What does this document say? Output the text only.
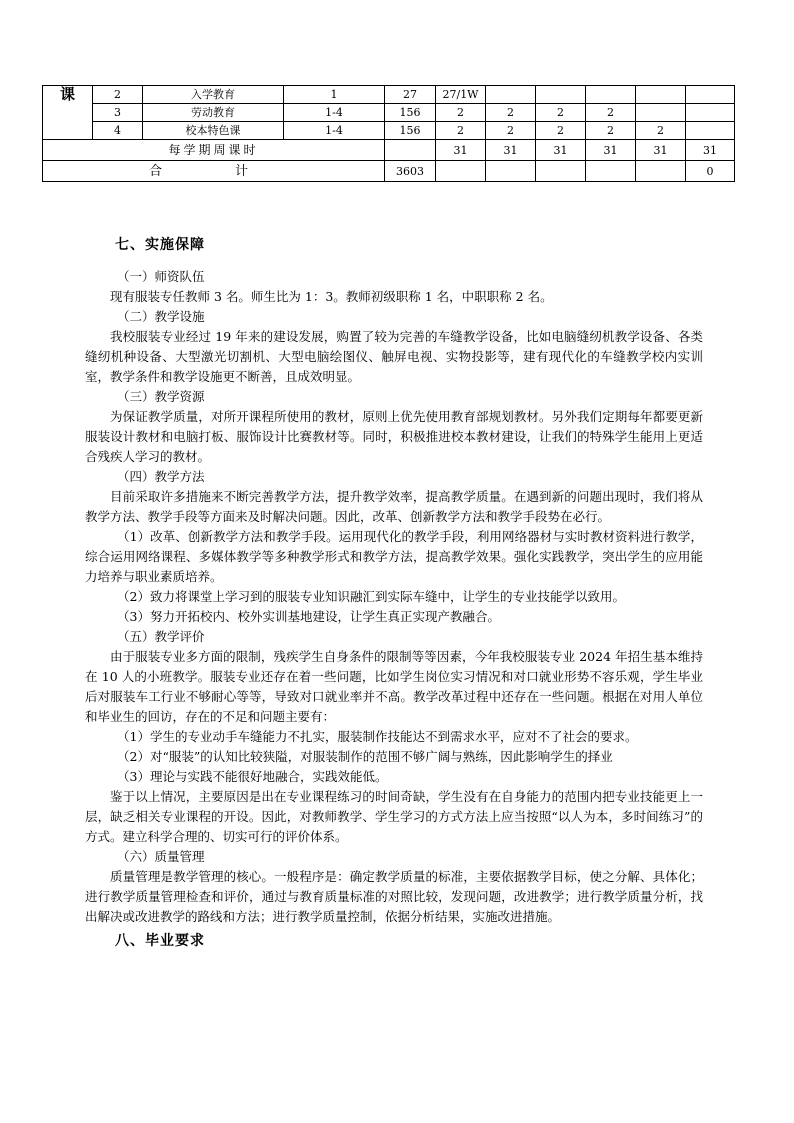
课	2	入学教育	1	27	27/1W					
	3	劳动教育	1-4	156	2	2	2	2		
	4	校本特色课	1-4	156	2	2	2	2	2	
每学期周课时					31	31	31	31	31	31
合　计				3603						0

七、实施保障

（一）师资队伍

现有服装专任教师 3 名。师生比为 1：3。教师初级职称 1 名，中职职称 2 名。

（二）教学设施

我校服装专业经过 19 年来的建设发展，购置了较为完善的车缝教学设备，比如电脑缝纫机教学设备、各类缝纫机种设备、大型激光切割机、大型电脑绘图仪、触屏电视、实物投影等，建有现代化的车缝教学校内实训室，教学条件和教学设施更不断善，且成效明显。

（三）教学资源

为保证教学质量，对所开课程所使用的教材，原则上优先使用教育部规划教材。另外我们定期每年都要更新服装设计教材和电脑打板、服饰设计比赛教材等。同时，积极推进校本教材建设，让我们的特殊学生能用上更适合残疾人学习的教材。

（四）教学方法

目前采取许多措施来不断完善教学方法，提升教学效率，提高教学质量。在遇到新的问题出现时，我们将从教学方法、教学手段等方面来及时解决问题。因此，改革、创新教学方法和教学手段势在必行。

（1）改革、创新教学方法和教学手段。运用现代化的教学手段，利用网络器材与实时教材资料进行教学，综合运用网络课程、多媒体教学等多种教学形式和教学方法，提高教学效果。强化实践教学，突出学生的应用能力培养与职业素质培养。

（2）致力将课堂上学习到的服装专业知识融汇到实际车缝中，让学生的专业技能学以致用。

（3）努力开拓校内、校外实训基地建设，让学生真正实现产教融合。

（五）教学评价

由于服装专业多方面的限制，残疾学生自身条件的限制等等因素，今年我校服装专业 2024 年招生基本维持在 10 人的小班教学。服装专业还存在着一些问题，比如学生岗位实习情况和对口就业形势不容乐观，学生毕业后对服装车工行业不够耐心等等，导致对口就业率并不高。教学改革过程中还存在一些问题。根据在对用人单位和毕业生的回访，存在的不足和问题主要有：

（1）学生的专业动手车缝能力不扎实，服装制作技能达不到需求水平，应对不了社会的要求。

（2）对“服装”的认知比较狭隘，对服装制作的范围不够广阔与熟练，因此影响学生的择业

（3）理论与实践不能很好地融合，实践效能低。

鉴于以上情况，主要原因是出在专业课程练习的时间奇缺，学生没有在自身能力的范围内把专业技能更上一层，缺乏相关专业课程的开设。因此，对教师教学、学生学习的方式方法上应当按照“以人为本，多时间练习”的方式。建立科学合理的、切实可行的评价体系。

（六）质量管理

质量管理是教学管理的核心。一般程序是：确定教学质量的标准，主要依据教学目标，使之分解、具体化；进行教学质量管理检查和评价，通过与教育质量标准的对照比较，发现问题，改进教学；进行教学质量分析，找出解决或改进教学的路线和方法；进行教学质量控制，依据分析结果，实施改进措施。

八、毕业要求
